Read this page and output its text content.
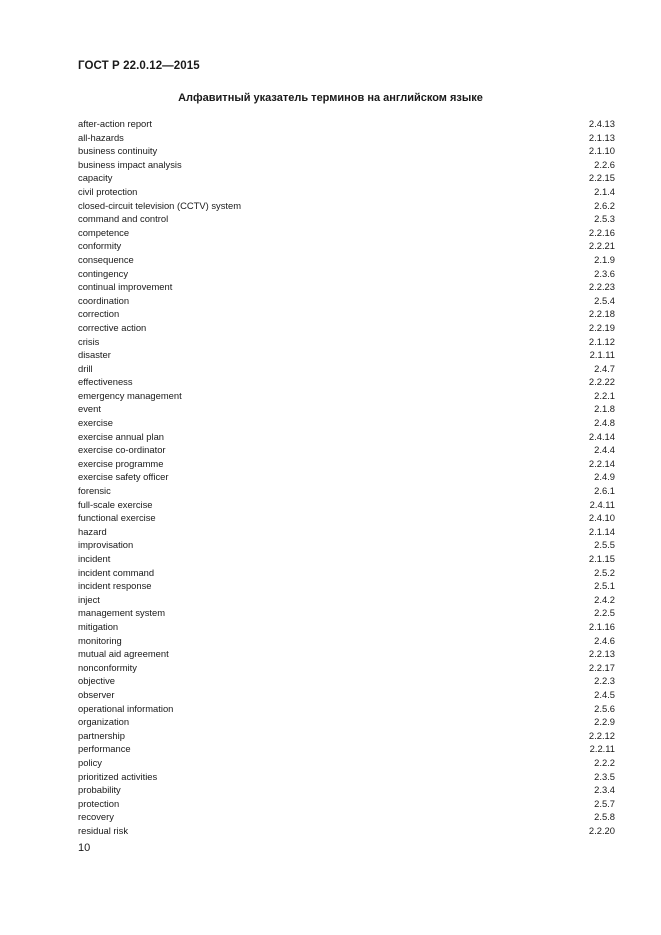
ГОСТ Р 22.0.12—2015
Алфавитный указатель терминов на английском языке
after-action report	2.4.13
all-hazards	2.1.13
business continuity	2.1.10
business impact analysis	2.2.6
capacity	2.2.15
civil protection	2.1.4
closed-circuit television (CCTV) system	2.6.2
command and control	2.5.3
competence	2.2.16
conformity	2.2.21
consequence	2.1.9
contingency	2.3.6
continual improvement	2.2.23
coordination	2.5.4
correction	2.2.18
corrective action	2.2.19
crisis	2.1.12
disaster	2.1.11
drill	2.4.7
effectiveness	2.2.22
emergency management	2.2.1
event	2.1.8
exercise	2.4.8
exercise annual plan	2.4.14
exercise co-ordinator	2.4.4
exercise programme	2.2.14
exercise safety officer	2.4.9
forensic	2.6.1
full-scale exercise	2.4.11
functional exercise	2.4.10
hazard	2.1.14
improvisation	2.5.5
incident	2.1.15
incident command	2.5.2
incident response	2.5.1
inject	2.4.2
management system	2.2.5
mitigation	2.1.16
monitoring	2.4.6
mutual aid agreement	2.2.13
nonconformity	2.2.17
objective	2.2.3
observer	2.4.5
operational information	2.5.6
organization	2.2.9
partnership	2.2.12
performance	2.2.11
policy	2.2.2
prioritized activities	2.3.5
probability	2.3.4
protection	2.5.7
recovery	2.5.8
residual risk	2.2.20
10
